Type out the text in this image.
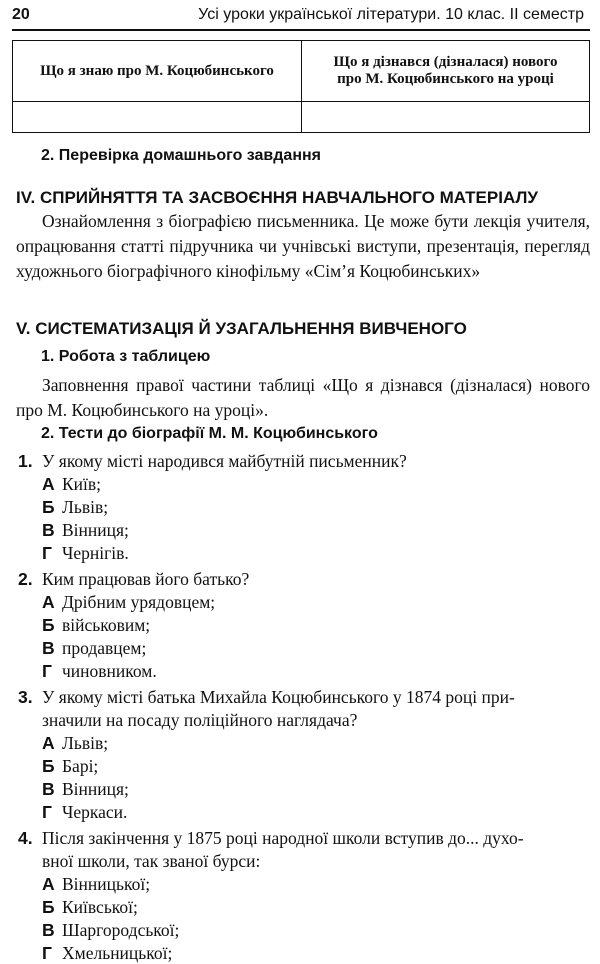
20	Усі уроки української літератури. 10 клас. ІІ семестр
Що я знаю про М. Коцюбинського	Що я дізнався (дізналася) нового
про М. Коцюбинського на уроці

2. Перевірка домашнього завдання
IV. СПРИЙНЯТТЯ ТА ЗАСВОЄННЯ НАВЧАЛЬНОГО МАТЕРІАЛУ

Ознайомлення з біографією письменника. Це може бути лекція учителя, опрацювання статті підручника чи учнівські виступи, презентація, перегляд художнього біографічного кінофільму «Сім’я Коцюбинських»

V. СИСТЕМАТИЗАЦІЯ Й УЗАГАЛЬНЕННЯ ВИВЧЕНОГО
1. Робота з таблицею

Заповнення правої частини таблиці «Що я дізнався (дізналася) нового про М. Коцюбинського на уроці».

2. Тести до біографії М. М. Коцюбинського
1. У якому місті народився майбутній письменник?
А Київ;
Б Львів;
В Вінниця;
Г Чернігів.
2. Ким працював його батько?
А Дрібним урядовцем;
Б військовим;
В продавцем;
Г чиновником.
3. У якому місті батька Михайла Коцюбинського у 1874 році при-
значили на посаду поліційного наглядача?
А Львів;
Б Барі;
В Вінниця;
Г Черкаси.
4. Після закінчення у 1875 році народної школи вступив до... духо-
вної школи, так званої бурси:
А Вінницької;
Б Київської;
В Шаргородської;
Г Хмельницької;
